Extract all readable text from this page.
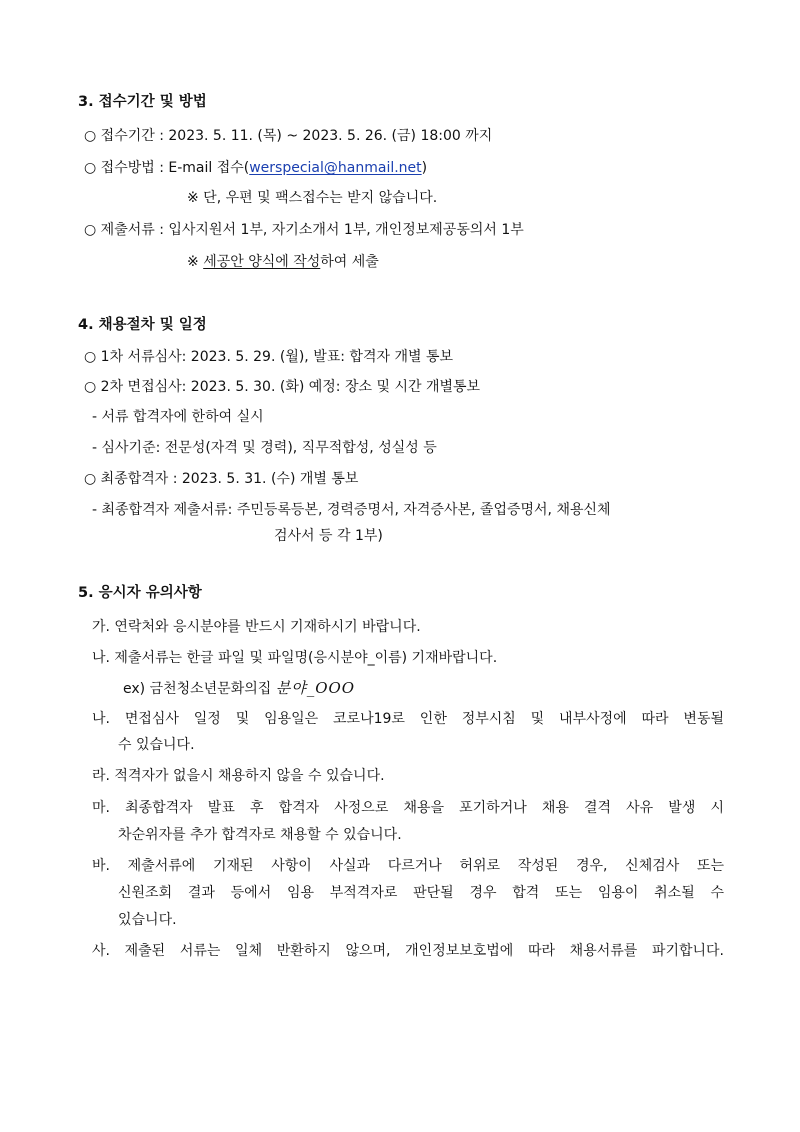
3. 접수기간 및 방법
○ 접수기간 : 2023. 5. 11. (목) ~ 2023. 5. 26. (금) 18:00 까지
○ 접수방법 : E-mail 접수(werspecial@hanmail.net)
※ 단, 우편 및 팩스접수는 받지 않습니다.
○ 제출서류 : 입사지원서 1부, 자기소개서 1부, 개인정보제공동의서 1부
※ 세공안 양식에 작성하여 세출
4. 채용절차 및 일정
○ 1차 서류심사: 2023. 5. 29. (월), 발표: 합격자 개별 통보
○ 2차 면접심사: 2023. 5. 30. (화) 예정: 장소 및 시간 개별통보
- 서류 합격자에 한하여 실시
- 심사기준: 전문성(자격 및 경력), 직무적합성, 성실성 등
○ 최종합격자 : 2023. 5. 31. (수) 개별 통보
- 최종합격자 제출서류: 주민등록등본, 경력증명서, 자격증사본, 졸업증명서, 채용신체
검사서 등 각 1부)
5. 응시자 유의사항
가. 연락처와 응시분야를 반드시 기재하시기 바랍니다.
나. 제출서류는 한글 파일 및 파일명(응시분야_이름) 기재바랍니다.
ex) 금천청소년문화의집 분야_OOO
나. 면접심사 일정 및 임용일은 코로나19로 인한 정부시침 및 내부사정에 따라 변동될
수 있습니다.
라. 적격자가 없을시 채용하지 않을 수 있습니다.
마. 최종합격자 발표 후 합격자 사정으로 채용을 포기하거나 채용 결격 사유 발생 시
차순위자를 추가 합격자로 채용할 수 있습니다.
바. 제출서류에 기재된 사항이 사실과 다르거나 허위로 작성된 경우, 신체검사 또는
신원조회 결과 등에서 임용 부적격자로 판단될 경우 합격 또는 임용이 취소될 수
있습니다.
사. 제출된 서류는 일체 반환하지 않으며, 개인정보보호법에 따라 채용서류를 파기합니다.
